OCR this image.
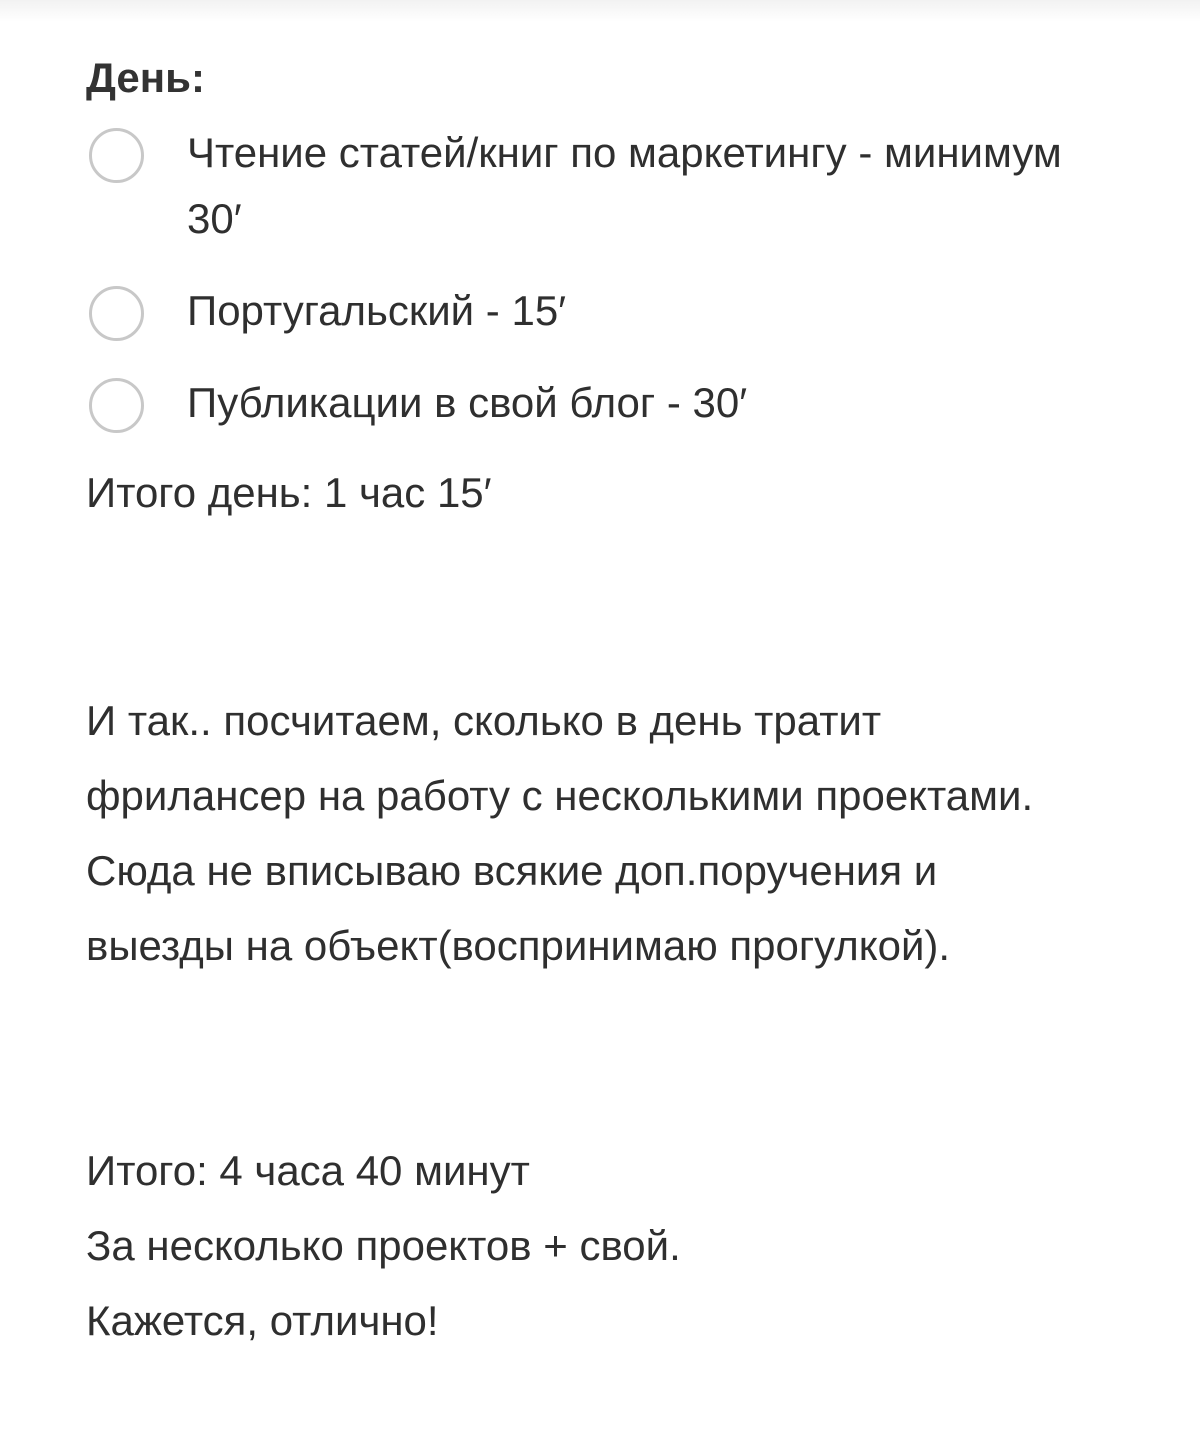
День:
Чтение статей/книг по маркетингу - минимум 30′
Португальский - 15′
Публикации в свой блог - 30′
Итого день: 1 час 15′

И так.. посчитаем, сколько в день тратит фрилансер на работу с несколькими проектами. Сюда не вписываю всякие доп.поручения и выезды на объект(воспринимаю прогулкой).

Итого: 4 часа 40 минут
За несколько проектов + свой.
Кажется, отлично!
